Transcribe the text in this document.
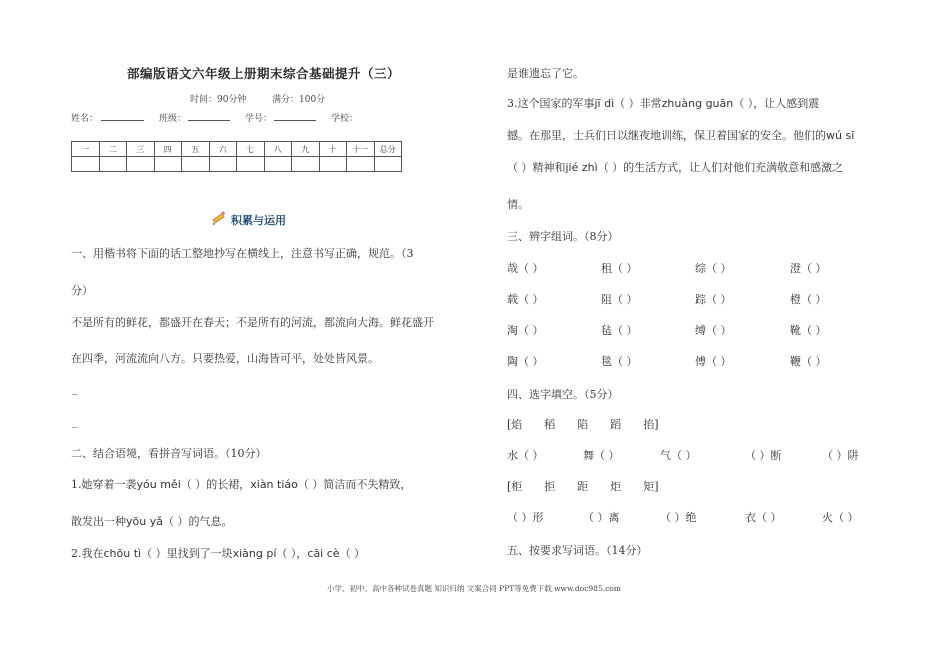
部编版语文六年级上册期末综合基础提升（三）
时间：90分钟	满分：100分
姓名：	班级：	学号：	学校：
一	二	三	四	五	六	七	八	九	十	十一	总分

积累与运用
一、用楷书将下面的话工整地抄写在横线上，注意书写正确，规范。（3
分）
不是所有的鲜花，都盛开在春天；不是所有的河流，都流向大海。鲜花盛开
在四季，河流流向八方。只要热爱，山海皆可平，处处皆风景。
_
_
二、结合语境，看拼音写词语。（10分）
1.她穿着一袭yóu měi（ ）的长裙，xiàn tiáo（ ）简洁而不失精致，
散发出一种yōu yǎ（ ）的气息。
2.我在chōu tì（ ）里找到了一块xiàng pí（ ），cāi cè（ ）
是谁遗忘了它。
3.这个国家的军事jī dì（ ）非常zhuàng guān（ ），让人感到震
撼。在那里，士兵们日以继夜地训练，保卫着国家的安全。他们的wú sī
（ ）精神和jié zhì（ ）的生活方式，让人们对他们充满敬意和感激之
情。
三、辨字组词。（8分）
哉（ ）	租（ ）	综（ ）	澄（ ）
载（ ）	阻（ ）	踪（ ）	橙（ ）
淘（ ）	毡（ ）	缚（ ）	靴（ ）
陶（ ）	毯（ ）	傅（ ）	鞭（ ）
四、选字填空。（5分）
[焰　　稻　　陷　　蹈　　掐]
水（ ）	舞（ ）	气（ ）	（ ）断	（ ）阱
[柜　　拒　　距　　炬　　矩]
（ ）形	（ ）离	（ ）绝	衣（ ）	火（ ）
五、按要求写词语。（14分）
小学、初中、高中各种试卷真题 知识归纳 文案合同 PPT等免费下载 www.doc985.com
